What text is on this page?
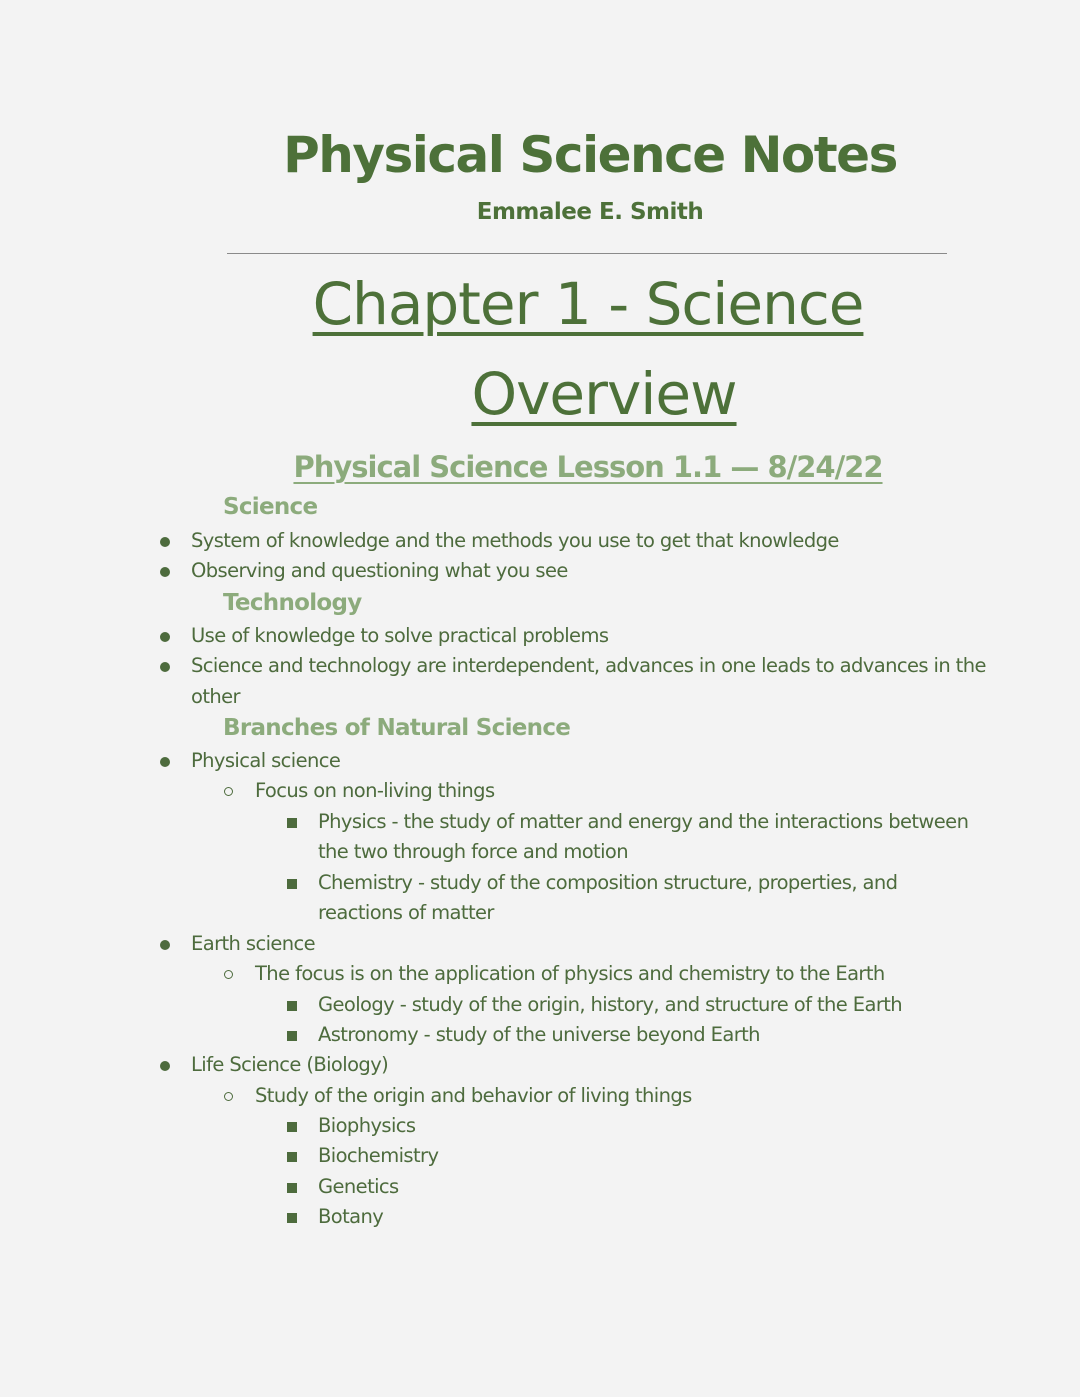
Physical Science Notes
Emmalee E. Smith
Chapter 1 - Science
Overview
Physical Science Lesson 1.1 — 8/24/22
Science
System of knowledge and the methods you use to get that knowledge
Observing and questioning what you see
Technology
Use of knowledge to solve practical problems
Science and technology are interdependent, advances in one leads to advances in the
other
Branches of Natural Science
Physical science
Focus on non-living things
Physics - the study of matter and energy and the interactions between
the two through force and motion
Chemistry - study of the composition structure, properties, and
reactions of matter
Earth science
The focus is on the application of physics and chemistry to the Earth
Geology - study of the origin, history, and structure of the Earth
Astronomy - study of the universe beyond Earth
Life Science (Biology)
Study of the origin and behavior of living things
Biophysics
Biochemistry
Genetics
Botany
